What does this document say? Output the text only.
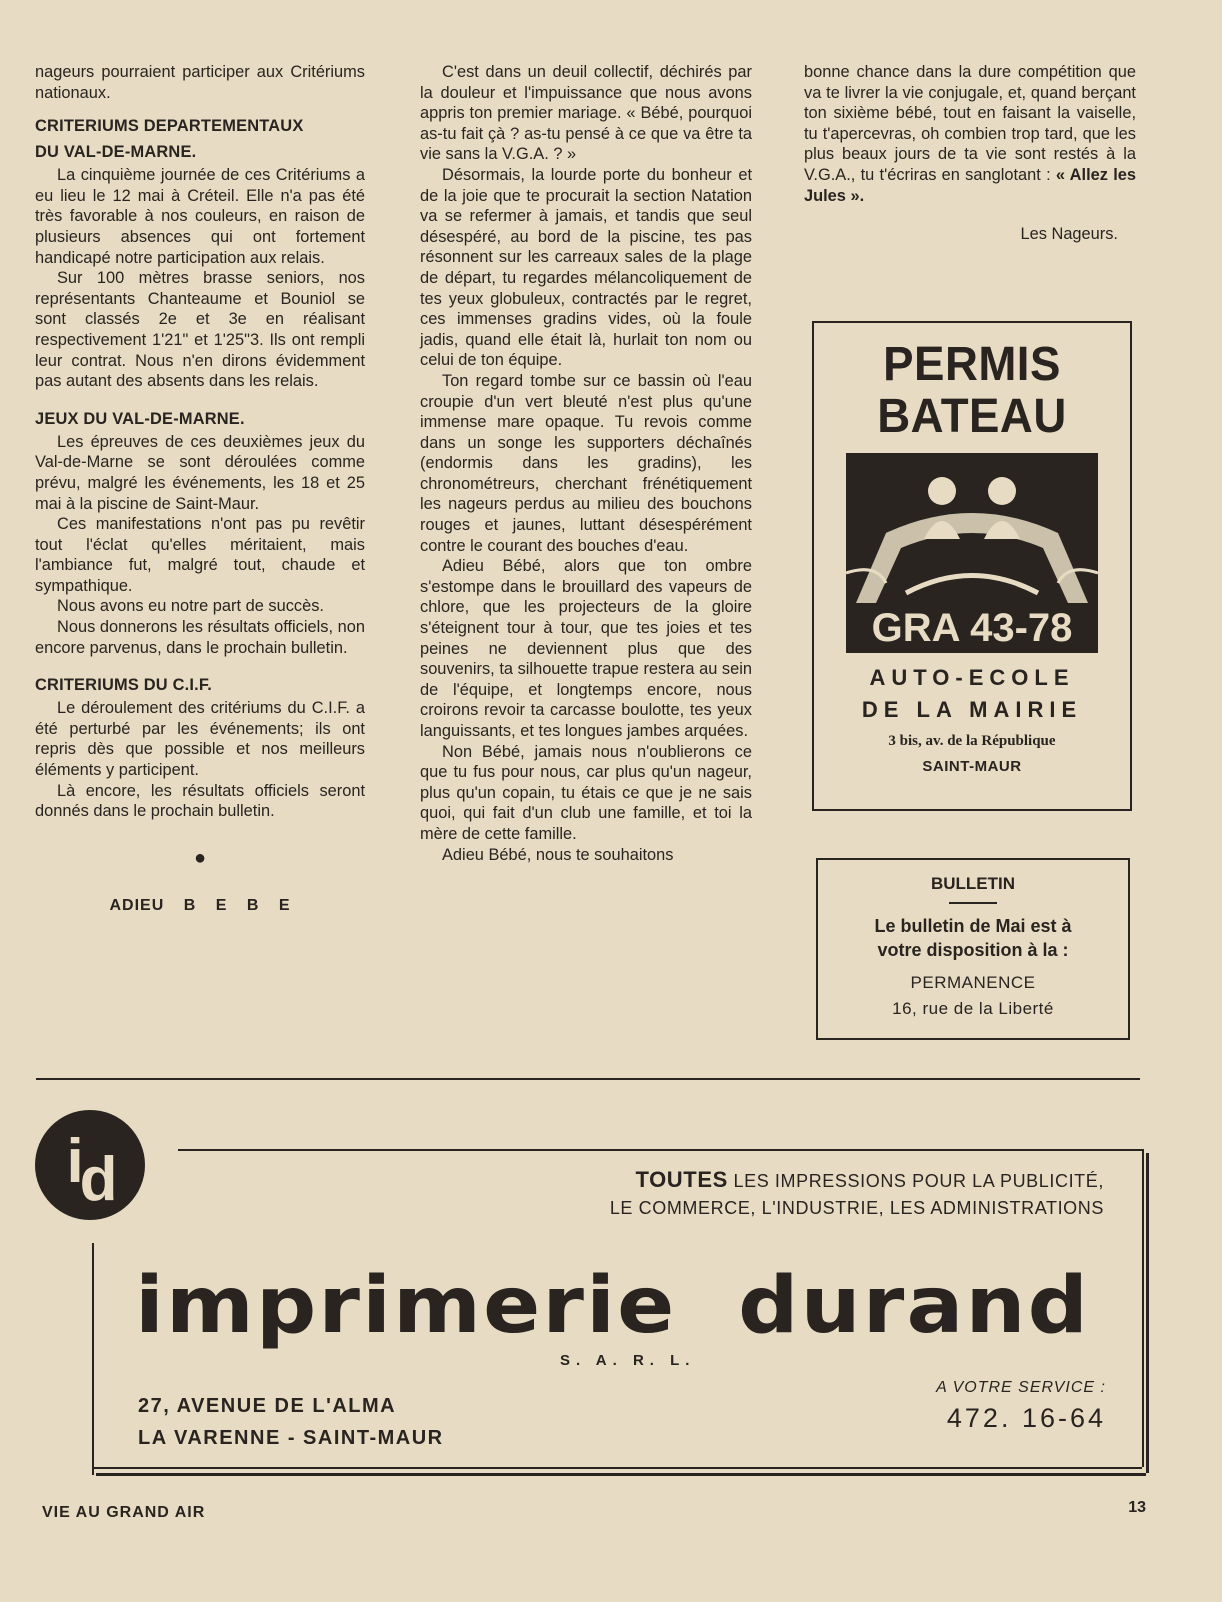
nageurs pourraient participer aux Critériums nationaux.

CRITERIUMS DEPARTEMENTAUX
DU VAL-DE-MARNE.

La cinquième journée de ces Critériums a eu lieu le 12 mai à Créteil. Elle n'a pas été très favorable à nos couleurs, en raison de plusieurs absences qui ont fortement handicapé notre participation aux relais.

Sur 100 mètres brasse seniors, nos représentants Chanteaume et Bouniol se sont classés 2e et 3e en réalisant respectivement 1'21" et 1'25"3. Ils ont rempli leur contrat. Nous n'en dirons évidemment pas autant des absents dans les relais.

JEUX DU VAL-DE-MARNE.

Les épreuves de ces deuxièmes jeux du Val-de-Marne se sont déroulées comme prévu, malgré les événements, les 18 et 25 mai à la piscine de Saint-Maur.

Ces manifestations n'ont pas pu revêtir tout l'éclat qu'elles méritaient, mais l'ambiance fut, malgré tout, chaude et sympathique.

Nous avons eu notre part de succès.

Nous donnerons les résultats officiels, non encore parvenus, dans le prochain bulletin.

CRITERIUMS DU C.I.F.

Le déroulement des critériums du C.I.F. a été perturbé par les événements; ils ont repris dès que possible et nos meilleurs éléments y participent.

Là encore, les résultats officiels seront donnés dans le prochain bulletin.

●
ADIEU B E B E

C'est dans un deuil collectif, déchirés par la douleur et l'impuissance que nous avons appris ton premier mariage. « Bébé, pourquoi as-tu fait çà ? as-tu pensé à ce que va être ta vie sans la V.G.A. ? »

Désormais, la lourde porte du bonheur et de la joie que te procurait la section Natation va se refermer à jamais, et tandis que seul désespéré, au bord de la piscine, tes pas résonnent sur les carreaux sales de la plage de départ, tu regardes mélancoliquement de tes yeux globuleux, contractés par le regret, ces immenses gradins vides, où la foule jadis, quand elle était là, hurlait ton nom ou celui de ton équipe.

Ton regard tombe sur ce bassin où l'eau croupie d'un vert bleuté n'est plus qu'une immense mare opaque. Tu revois comme dans un songe les supporters déchaînés (endormis dans les gradins), les chronométreurs, cherchant frénétiquement les nageurs perdus au milieu des bouchons rouges et jaunes, luttant désespérément contre le courant des bouches d'eau.

Adieu Bébé, alors que ton ombre s'estompe dans le brouillard des vapeurs de chlore, que les projecteurs de la gloire s'éteignent tour à tour, que tes joies et tes peines ne deviennent plus que des souvenirs, ta silhouette trapue restera au sein de l'équipe, et longtemps encore, nous croirons revoir ta carcasse boulotte, tes yeux languissants, et tes longues jambes arquées.

Non Bébé, jamais nous n'oublierons ce que tu fus pour nous, car plus qu'un nageur, plus qu'un copain, tu étais ce que je ne sais quoi, qui fait d'un club une famille, et toi la mère de cette famille.

Adieu Bébé, nous te souhaitons

bonne chance dans la dure compétition que va te livrer la vie conjugale, et, quand berçant ton sixième bébé, tout en faisant la vaiselle, tu t'apercevras, oh combien trop tard, que les plus beaux jours de ta vie sont restés à la V.G.A., tu t'écriras en sanglotant : « Allez les Jules ».

Les Nageurs.
PERMIS
BATEAU
GRA 43-78
AUTO-ECOLE
DE LA MAIRIE
3 bis, av. de la République
SAINT-MAUR
BULLETIN
Le bulletin de Mai est à
votre disposition à la :
PERMANENCE
16, rue de la Liberté
i d	TOUTES LES IMPRESSIONS POUR LA PUBLICITÉ,
LE COMMERCE, L'INDUSTRIE, LES ADMINISTRATIONS
imprimerie durand
S. A. R. L.
27, AVENUE DE L'ALMA
LA VARENNE - SAINT-MAUR
A VOTRE SERVICE :
472. 16-64
VIE AU GRAND AIR	13
